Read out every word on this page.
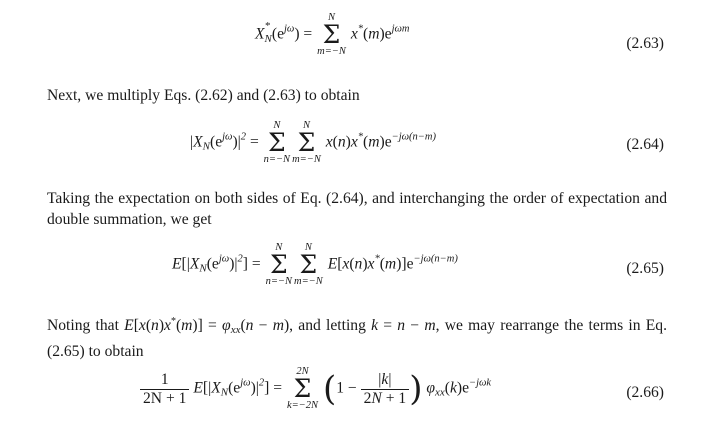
X $_{* N}(e^{j\omega})$ =
N
Σ
m=−N
$x^*(m)e^{j\omega m}$
(2.63)
Next, we multiply Eqs. (2.62) and (2.63) to obtain
$|X_N(e^{j\omega})|^2$ =
N
Σ
n=−N
N
Σ
m=−N
$x(n)x^*(m)e^{-j\omega(n-m)}$	(2.64)
Taking the expectation on both sides of Eq. (2.64), and interchanging the order of expectation and double summation, we get
$E[|X_N(e^{j\omega})|^2]$ =
N
Σ
n=−N
N
Σ
m=−N
$E[x(n)x^*(m)]e^{-j\omega(n-m)}$
(2.65)
Noting that $E[x(n)x^*(m)] = \varphi_{xx}(n - m)$, and letting k = n − m, we may rearrange the terms in Eq. (2.65) to obtain
$\frac{1}{2N + 1} E[|X_N(e^{j\omega})|^2]$ =
2N
Σ
k=−2N ($1 - \frac{|k|}{2N + 1}$ ) $\varphi_{xx}(k)e^{-j\omega k}$
(2.66)
